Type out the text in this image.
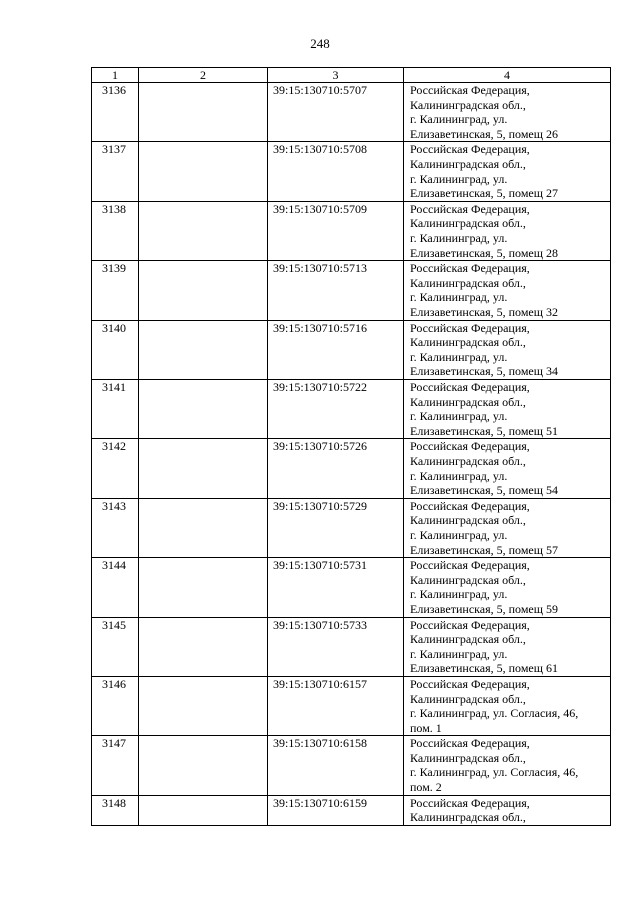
248
1	2	3	4
3136		39:15:130710:5707	Российская Федерация,
Калининградская обл.,
г. Калининград, ул.
Елизаветинская, 5, помещ 26

3137		39:15:130710:5708	Российская Федерация,
Калининградская обл.,
г. Калининград, ул.
Елизаветинская, 5, помещ 27

3138		39:15:130710:5709	Российская Федерация,
Калининградская обл.,
г. Калининград, ул.
Елизаветинская, 5, помещ 28

3139		39:15:130710:5713	Российская Федерация,
Калининградская обл.,
г. Калининград, ул.
Елизаветинская, 5, помещ 32

3140		39:15:130710:5716	Российская Федерация,
Калининградская обл.,
г. Калининград, ул.
Елизаветинская, 5, помещ 34

3141		39:15:130710:5722	Российская Федерация,
Калининградская обл.,
г. Калининград, ул.
Елизаветинская, 5, помещ 51

3142		39:15:130710:5726	Российская Федерация,
Калининградская обл.,
г. Калининград, ул.
Елизаветинская, 5, помещ 54

3143		39:15:130710:5729	Российская Федерация,
Калининградская обл.,
г. Калининград, ул.
Елизаветинская, 5, помещ 57

3144		39:15:130710:5731	Российская Федерация,
Калининградская обл.,
г. Калининград, ул.
Елизаветинская, 5, помещ 59

3145		39:15:130710:5733	Российская Федерация,
Калининградская обл.,
г. Калининград, ул.
Елизаветинская, 5, помещ 61

3146		39:15:130710:6157	Российская Федерация,
Калининградская обл.,
г. Калининград, ул. Согласия, 46,
пом. 1

3147		39:15:130710:6158	Российская Федерация,
Калининградская обл.,
г. Калининград, ул. Согласия, 46,
пом. 2

3148		39:15:130710:6159	Российская Федерация,
Калининградская обл.,
